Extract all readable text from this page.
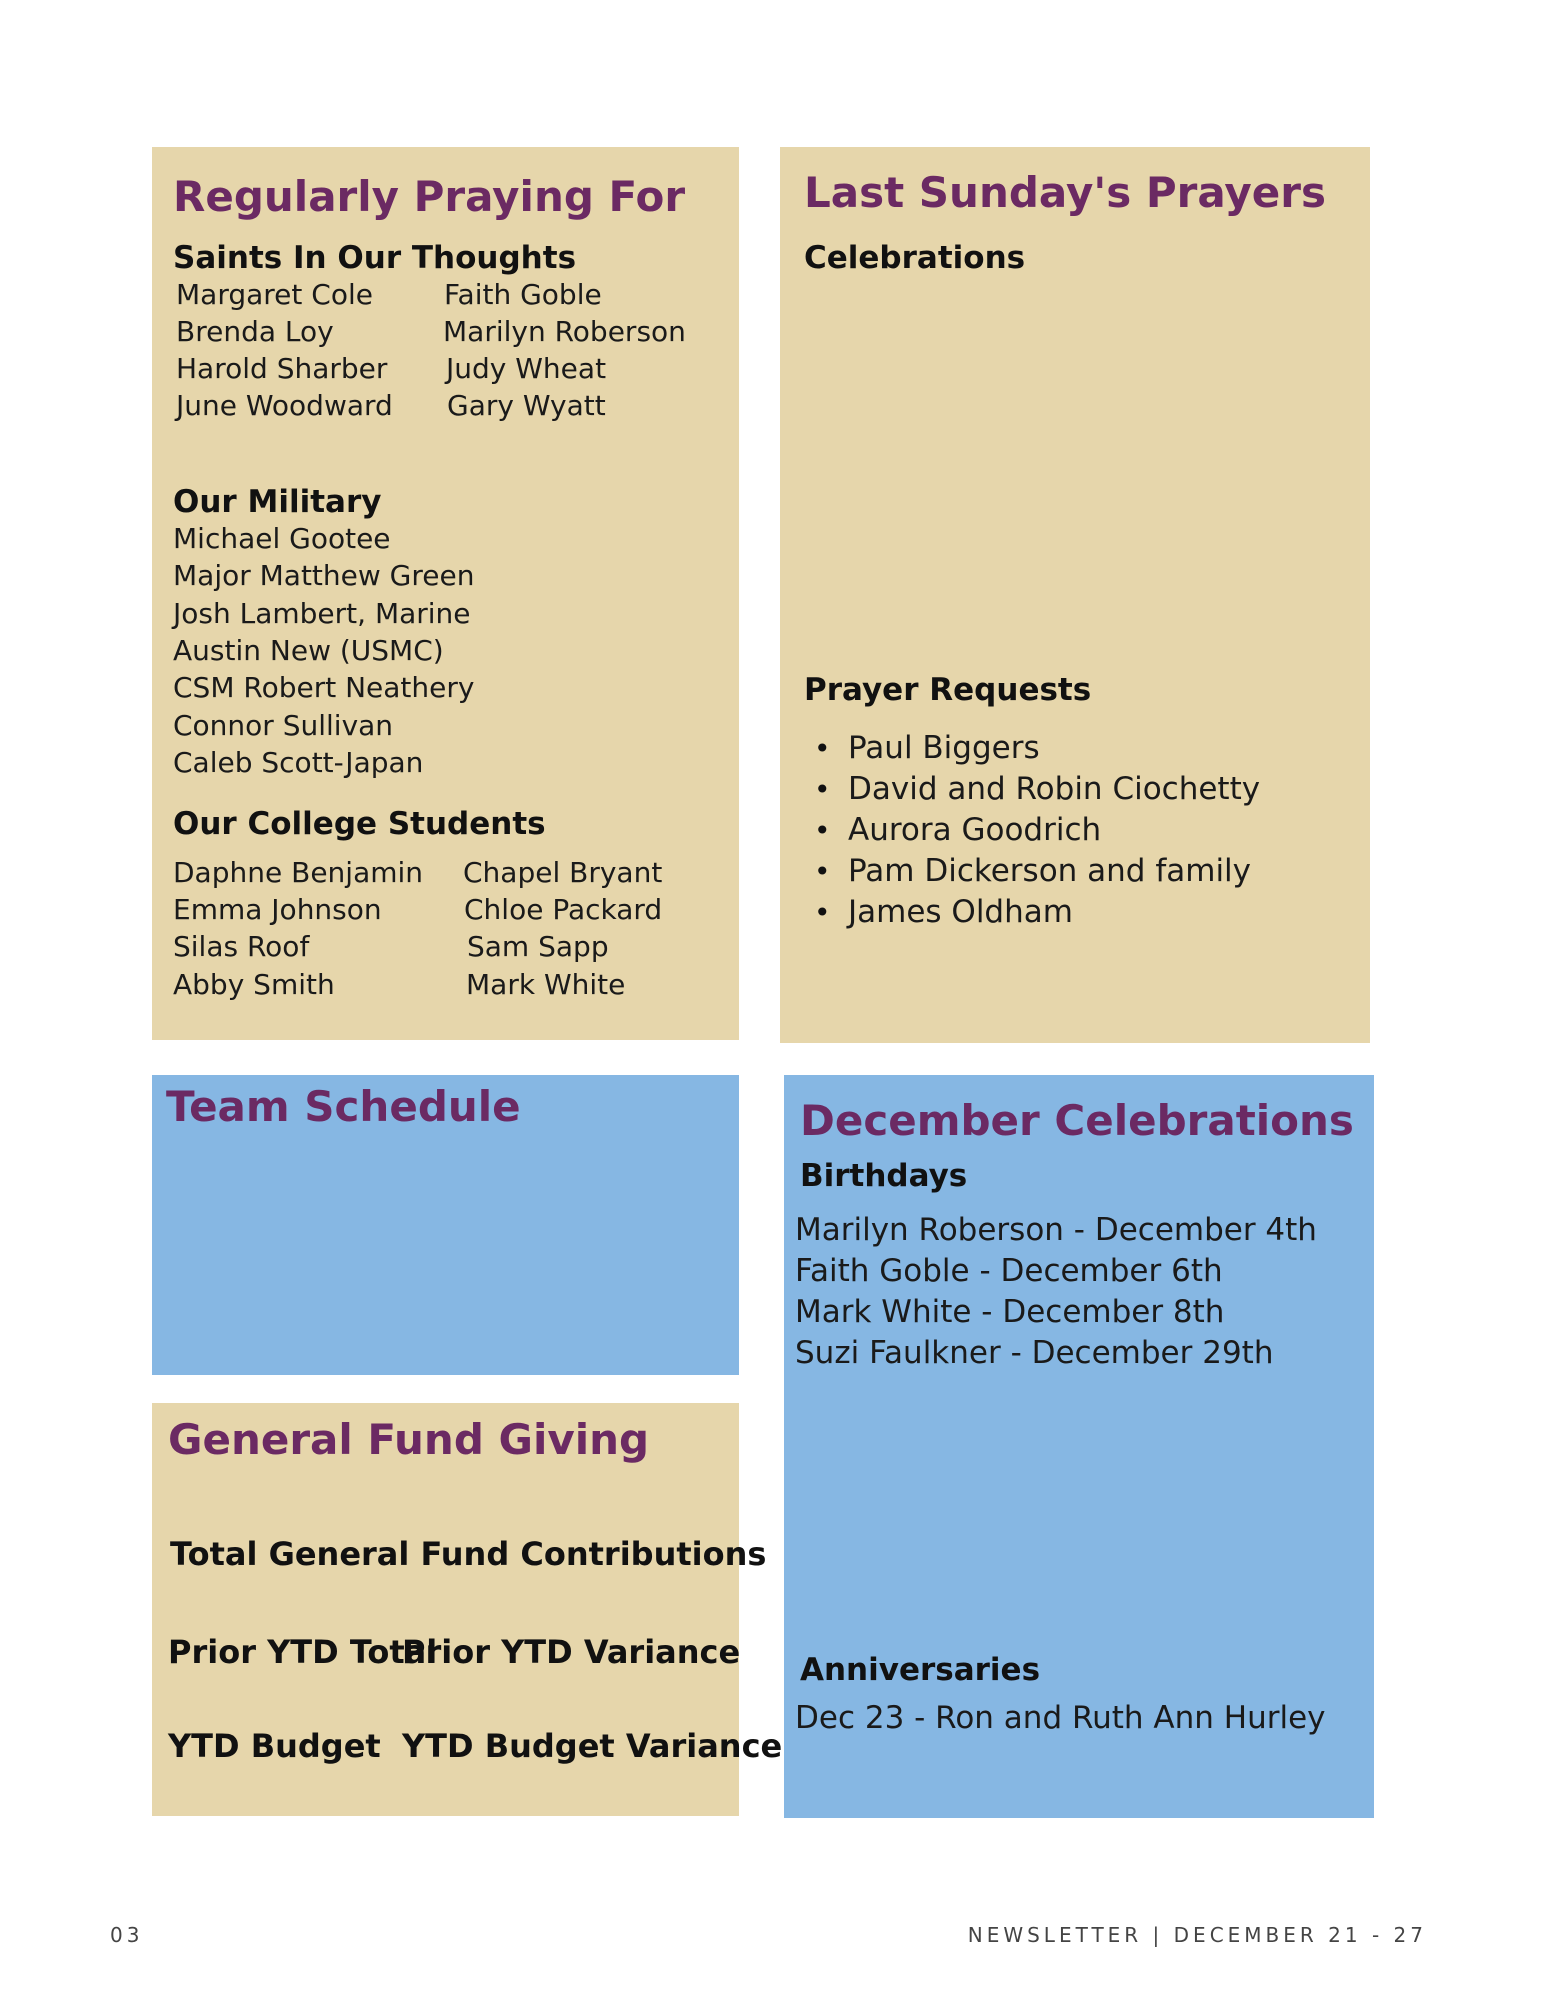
Regularly Praying For
Saints In Our Thoughts
Margaret Cole
Brenda Loy
Harold Sharber
June Woodward
Faith Goble
Marilyn Roberson
Judy Wheat
Gary Wyatt
Our Military
Michael Gootee
Major Matthew Green
Josh Lambert, Marine
Austin New (USMC)
CSM Robert Neathery
Connor Sullivan
Caleb Scott-Japan
Our College Students
Daphne Benjamin
Emma Johnson
Silas Roof
Abby Smith
Chapel Bryant
Chloe Packard
Sam Sapp
Mark White
Last Sunday's Prayers
Celebrations
Prayer Requests
• Paul Biggers
• David and Robin Ciochetty
• Aurora Goodrich
• Pam Dickerson and family
• James Oldham
Team Schedule
General Fund Giving
Total General Fund Contributions
Prior YTD Total
Prior YTD Variance
YTD Budget YTD Budget Variance
December Celebrations
Birthdays
Marilyn Roberson - December 4th
Faith Goble - December 6th
Mark White - December 8th
Suzi Faulkner - December 29th
Anniversaries
Dec 23 - Ron and Ruth Ann Hurley
03	NEWSLETTER | DECEMBER 21 - 27
